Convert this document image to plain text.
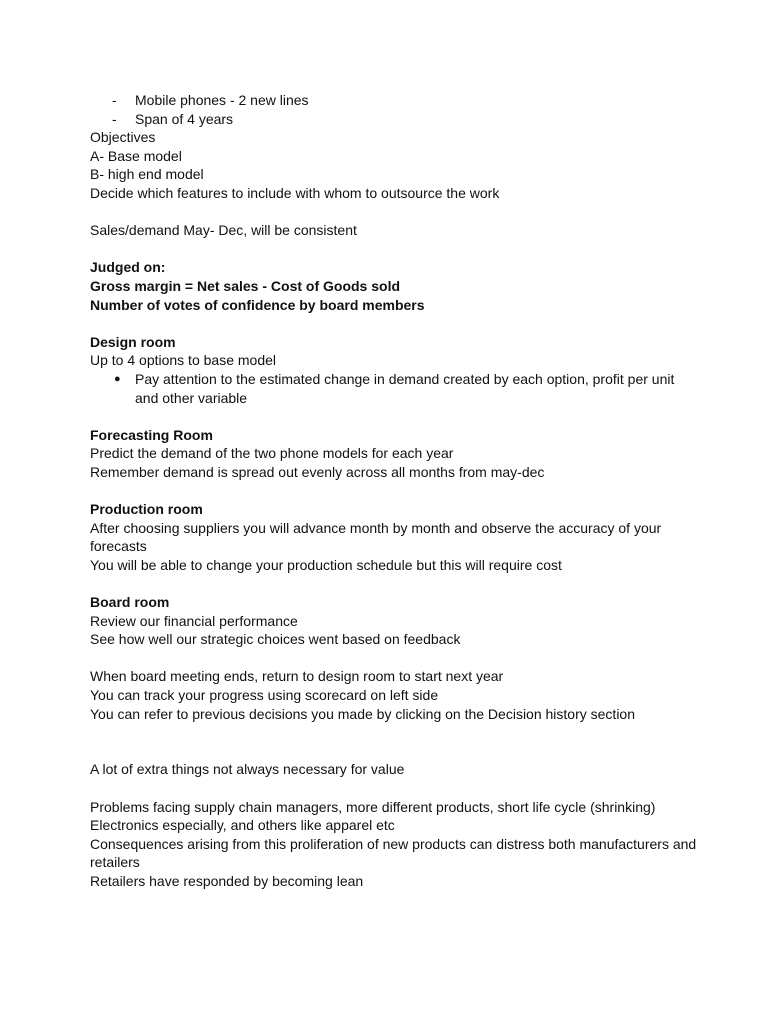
- Mobile phones - 2 new lines
- Span of 4 years

Objectives

A- Base model

B- high end model

Decide which features to include with whom to outsource the work

Sales/demand May- Dec, will be consistent

Judged on:

Gross margin = Net sales - Cost of Goods sold

Number of votes of confidence by board members

Design room

Up to 4 options to base model

● Pay attention to the estimated change in demand created by each option, profit per unit and other variable

Forecasting Room

Predict the demand of the two phone models for each year

Remember demand is spread out evenly across all months from may-dec

Production room

After choosing suppliers you will advance month by month and observe the accuracy of your forecasts

You will be able to change your production schedule but this will require cost

Board room

Review our financial performance

See how well our strategic choices went based on feedback

When board meeting ends, return to design room to start next year

You can track your progress using scorecard on left side

You can refer to previous decisions you made by clicking on the Decision history section

A lot of extra things not always necessary for value

Problems facing supply chain managers, more different products, short life cycle (shrinking)

Electronics especially, and others like apparel etc

Consequences arising from this proliferation of new products can distress both manufacturers and retailers

Retailers have responded by becoming lean
